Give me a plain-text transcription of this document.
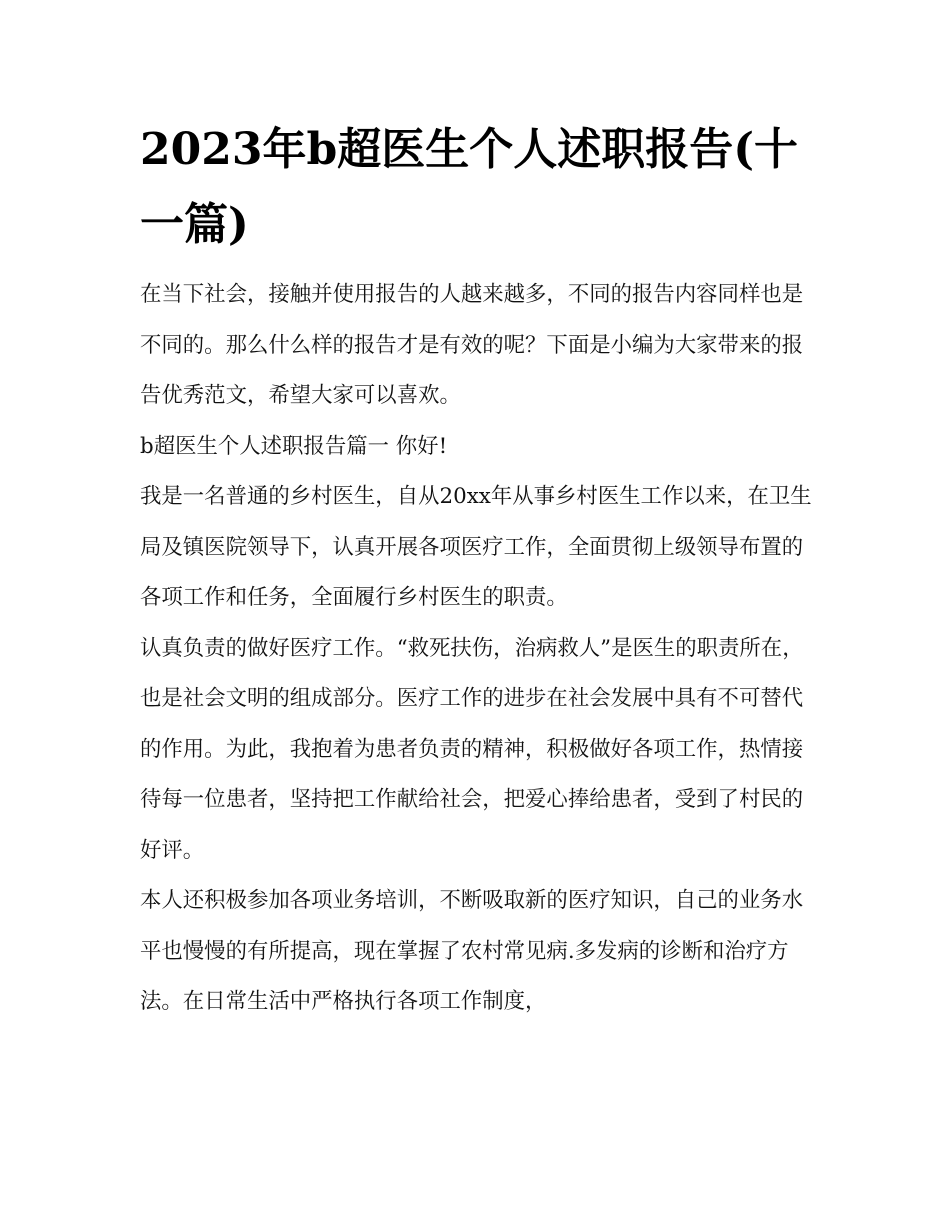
2023年b超医生个人述职报告(十一篇)

在当下社会，接触并使用报告的人越来越多，不同的报告内容同样也是不同的。那么什么样的报告才是有效的呢？下面是小编为大家带来的报告优秀范文，希望大家可以喜欢。

b超医生个人述职报告篇一 你好!

我是一名普通的乡村医生，自从20xx年从事乡村医生工作以来，在卫生局及镇医院领导下，认真开展各项医疗工作，全面贯彻上级领导布置的各项工作和任务，全面履行乡村医生的职责。

认真负责的做好医疗工作。“救死扶伤，治病救人”是医生的职责所在，也是社会文明的组成部分。医疗工作的进步在社会发展中具有不可替代的作用。为此，我抱着为患者负责的精神，积极做好各项工作，热情接待每一位患者，坚持把工作献给社会，把爱心捧给患者，受到了村民的好评。

本人还积极参加各项业务培训，不断吸取新的医疗知识，自己的业务水平也慢慢的有所提高，现在掌握了农村常见病.多发病的诊断和治疗方法。在日常生活中严格执行各项工作制度，
